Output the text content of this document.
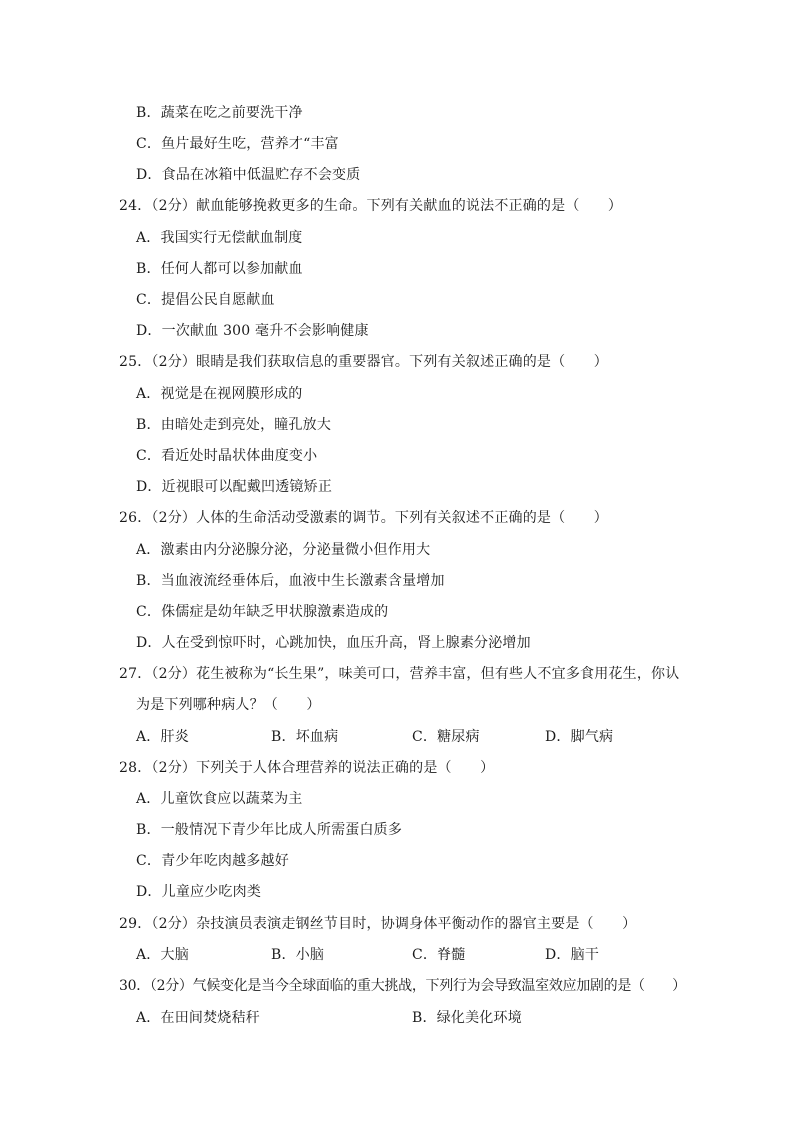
B．蔬菜在吃之前要洗干净
C．鱼片最好生吃，营养才“丰富
D．食品在冰箱中低温贮存不会变质
24．（2分）献血能够挽救更多的生命。下列有关献血的说法不正确的是（　　）
A．我国实行无偿献血制度
B．任何人都可以参加献血
C．提倡公民自愿献血
D．一次献血 300 毫升不会影响健康
25．（2分）眼睛是我们获取信息的重要器官。下列有关叙述正确的是（　　）
A．视觉是在视网膜形成的
B．由暗处走到亮处，瞳孔放大
C．看近处时晶状体曲度变小
D．近视眼可以配戴凹透镜矫正
26．（2分）人体的生命活动受激素的调节。下列有关叙述不正确的是（　　）
A．激素由内分泌腺分泌，分泌量微小但作用大
B．当血液流经垂体后，血液中生长激素含量增加
C．侏儒症是幼年缺乏甲状腺激素造成的
D．人在受到惊吓时，心跳加快，血压升高，肾上腺素分泌增加
27．（2分）花生被称为“长生果”，味美可口，营养丰富，但有些人不宜多食用花生，你认
为是下列哪种病人？（　　）
A．肝炎	B．坏血病	C．糖尿病	D．脚气病
28．（2分）下列关于人体合理营养的说法正确的是（　　）
A．儿童饮食应以蔬菜为主
B．一般情况下青少年比成人所需蛋白质多
C．青少年吃肉越多越好
D．儿童应少吃肉类
29．（2分）杂技演员表演走钢丝节目时，协调身体平衡动作的器官主要是（　　）
A．大脑	B．小脑	C．脊髓	D．脑干
30．（2分）气候变化是当今全球面临的重大挑战，下列行为会导致温室效应加剧的是（　　）
A．在田间焚烧秸秆	B．绿化美化环境
